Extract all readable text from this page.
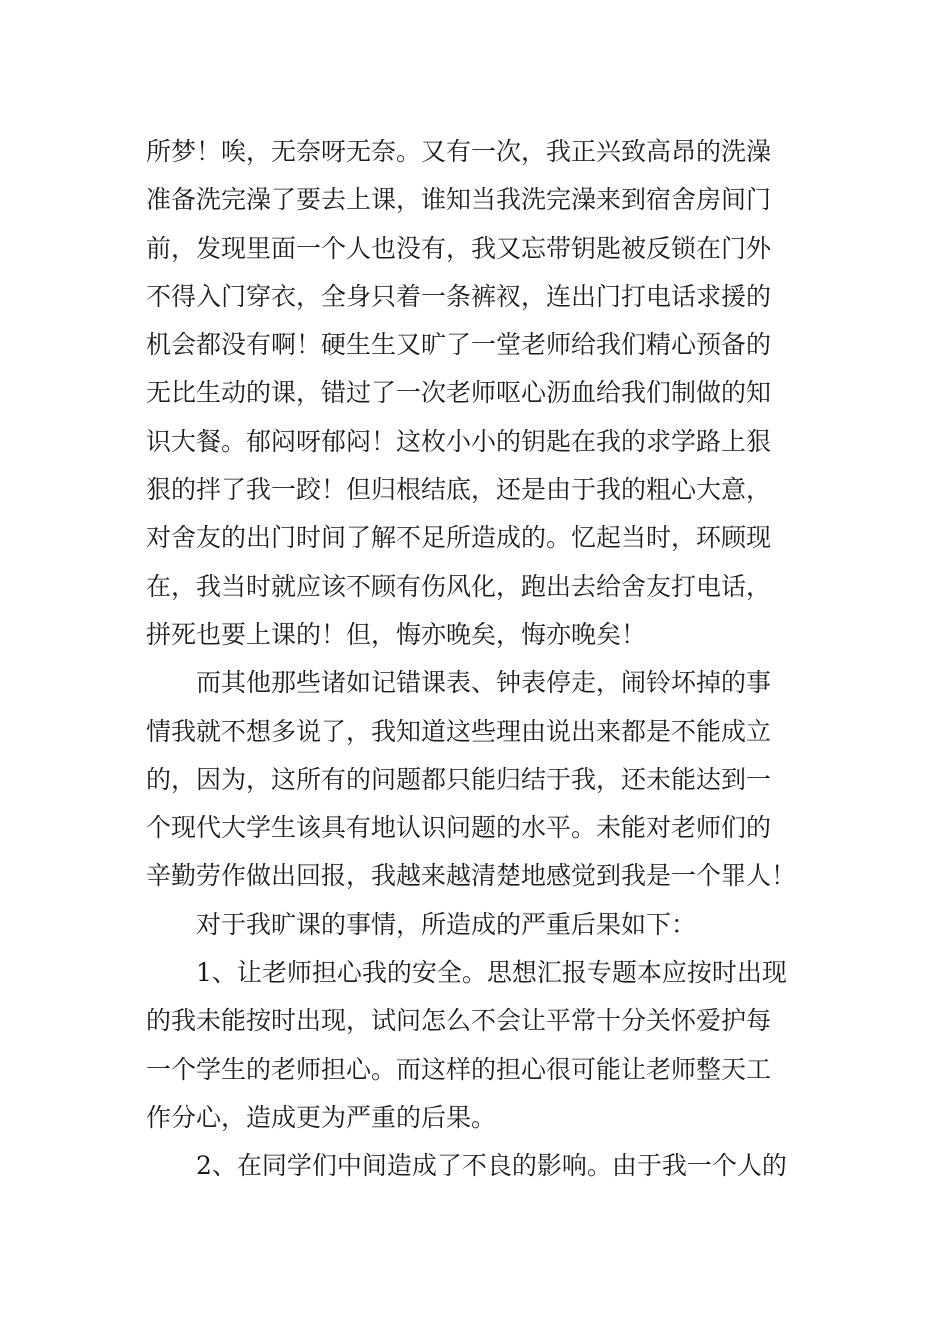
所梦！唉，无奈呀无奈。又有一次，我正兴致高昂的洗澡
准备洗完澡了要去上课，谁知当我洗完澡来到宿舍房间门
前，发现里面一个人也没有，我又忘带钥匙被反锁在门外
不得入门穿衣，全身只着一条裤衩，连出门打电话求援的
机会都没有啊！硬生生又旷了一堂老师给我们精心预备的
无比生动的课，错过了一次老师呕心沥血给我们制做的知
识大餐。郁闷呀郁闷！这枚小小的钥匙在我的求学路上狠
狠的拌了我一跤！但归根结底，还是由于我的粗心大意，
对舍友的出门时间了解不足所造成的。忆起当时，环顾现
在，我当时就应该不顾有伤风化，跑出去给舍友打电话，
拼死也要上课的！但，悔亦晚矣，悔亦晚矣！
而其他那些诸如记错课表、钟表停走，闹铃坏掉的事
情我就不想多说了，我知道这些理由说出来都是不能成立
的，因为，这所有的问题都只能归结于我，还未能达到一
个现代大学生该具有地认识问题的水平。未能对老师们的
辛勤劳作做出回报，我越来越清楚地感觉到我是一个罪人！
对于我旷课的事情，所造成的严重后果如下：
1、让老师担心我的安全。思想汇报专题本应按时出现
的我未能按时出现，试问怎么不会让平常十分关怀爱护每
一个学生的老师担心。而这样的担心很可能让老师整天工
作分心，造成更为严重的后果。
2、在同学们中间造成了不良的影响。由于我一个人的
